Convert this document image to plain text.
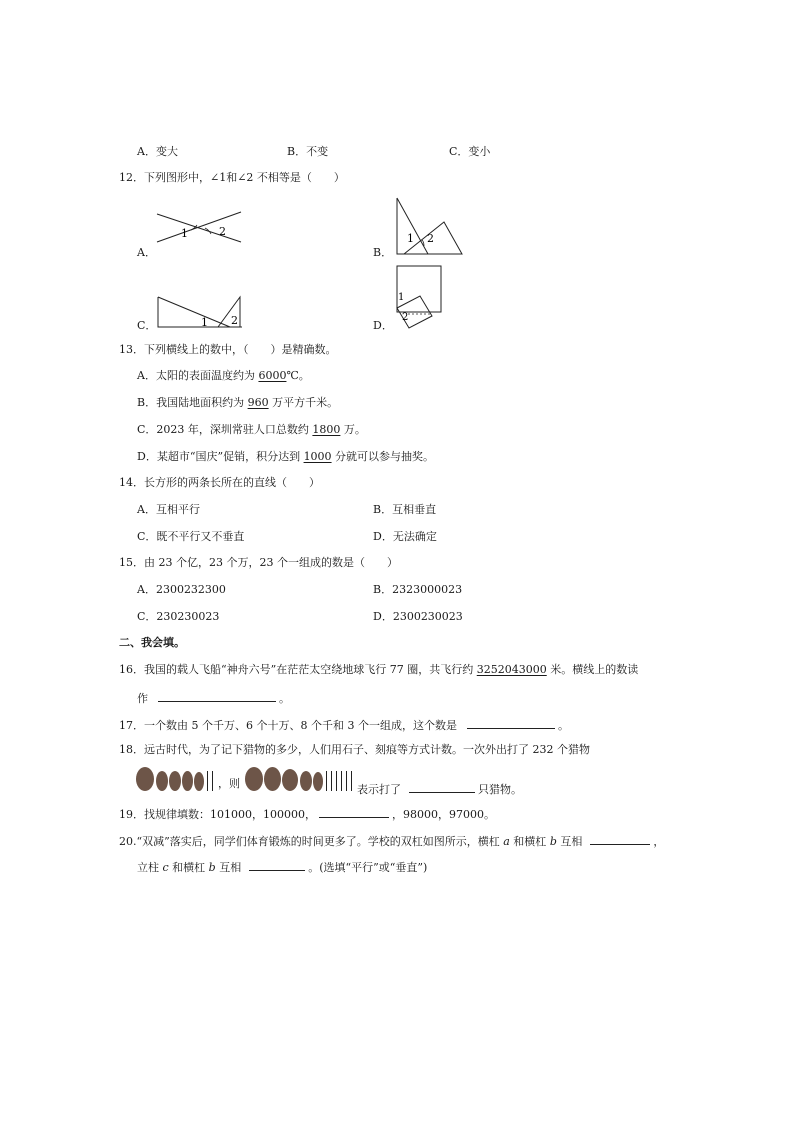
A．变大	B．不变	C．变小
12．下列图形中，∠1和∠2 不相等是（　　）
A．
1	2
B．
1 2
C．	1 2	D．
1
2
13．下列横线上的数中，（　　）是精确数。
A．太阳的表面温度约为 6000℃。
B．我国陆地面积约为 960 万平方千米。
C．2023 年，深圳常驻人口总数约 1800 万。
D．某超市“国庆”促销，积分达到 1000 分就可以参与抽奖。
14．长方形的两条长所在的直线（　　）
A．互相平行	B．互相垂直
C．既不平行又不垂直	D．无法确定
15．由 23 个亿，23 个万，23 个一组成的数是（　　）
A．2300232300	B．2323000023
C．230230023	D．2300230023
二、我会填。
16．我国的载人飞船“神舟六号”在茫茫太空绕地球飞行 77 圈，共飞行约 3252043000 米。横线上的数读
作	。
17．一个数由 5 个千万、6 个十万、8 个千和 3 个一组成，这个数是	。
18．远古时代，为了记下猎物的多少，人们用石子、刻痕等方式计数。一次外出打了 232 个猎物
，则	表示打了	只猎物。
19．找规律填数：101000，100000，	，98000，97000。
20.“双减”落实后，同学们体育锻炼的时间更多了。学校的双杠如图所示，横杠 a 和横杠 b 互相	，
立柱 c 和横杠 b 互相	。(选填“平行”或“垂直”)
